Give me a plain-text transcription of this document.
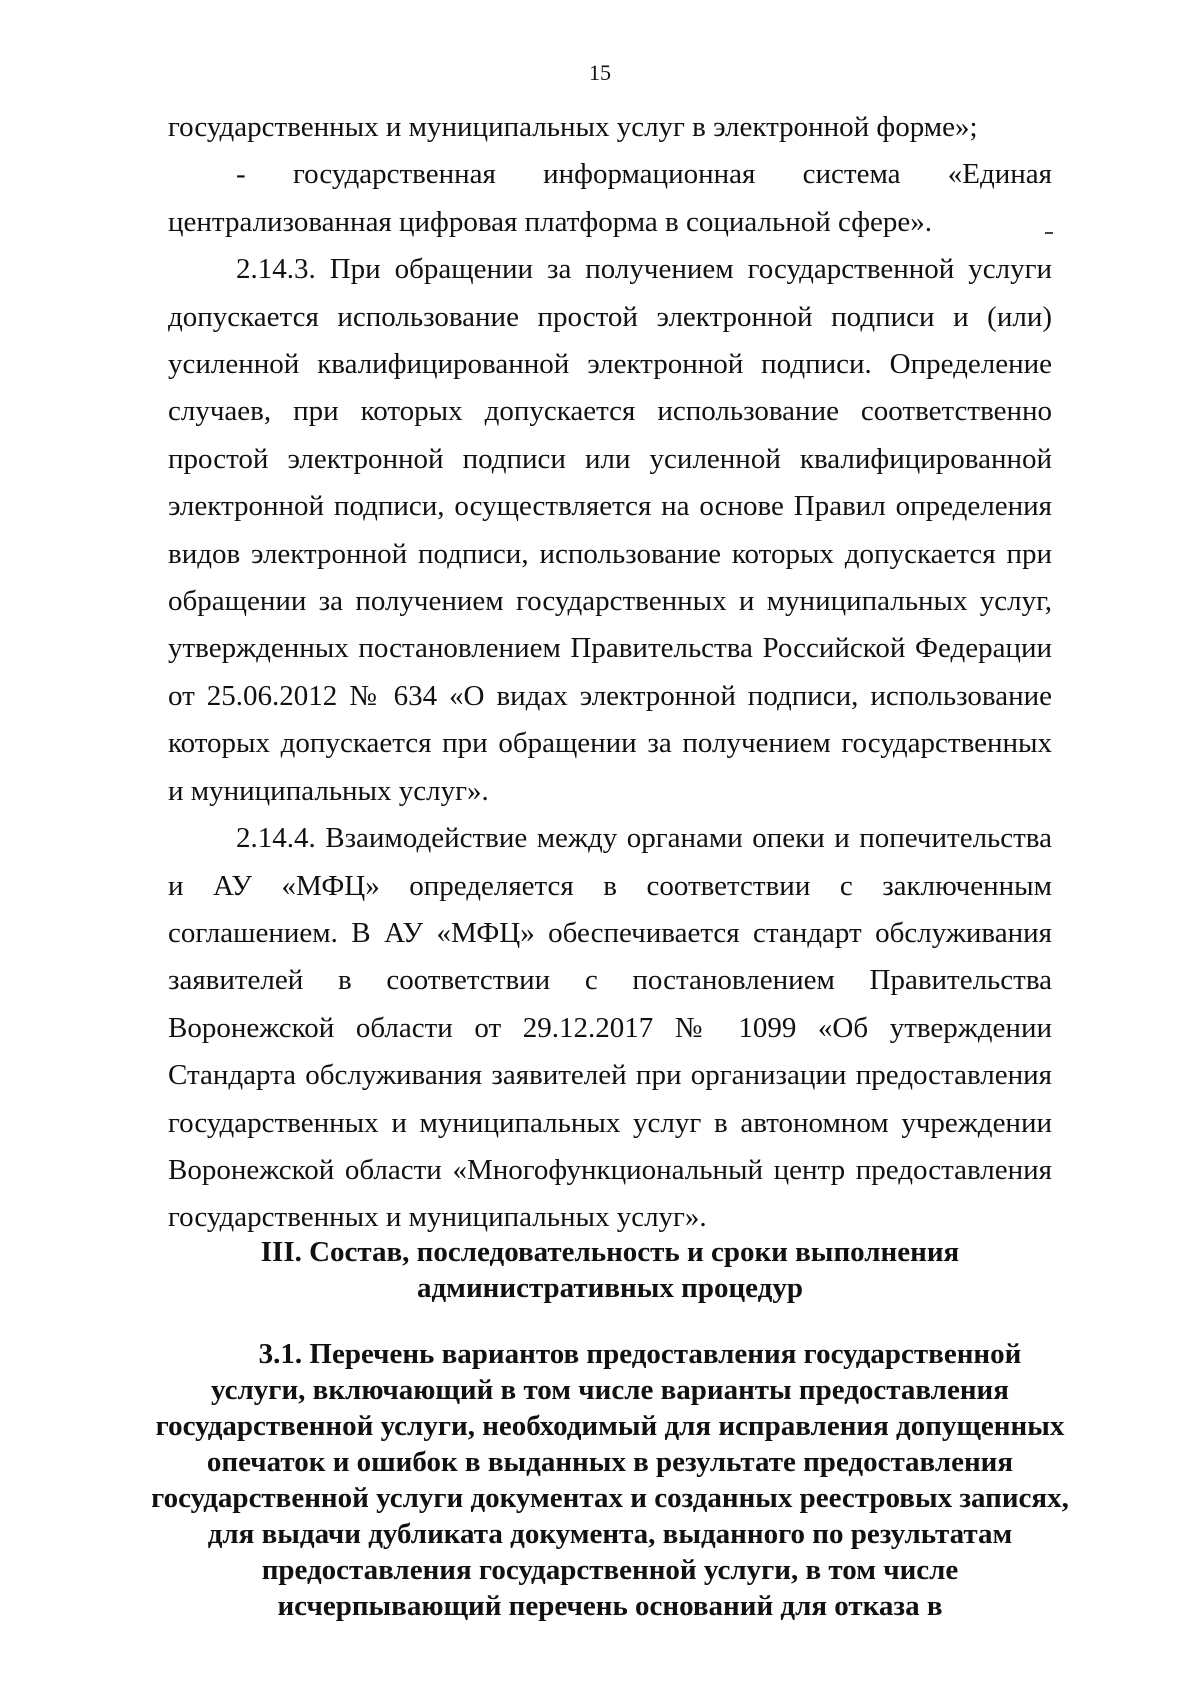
15

государственных и муниципальных услуг в электронной форме»;

- государственная информационная система «Единая централизованная цифровая платформа в социальной сфере».

2.14.3. При обращении за получением государственной услуги допускается использование простой электронной подписи и (или) усиленной квалифицированной электронной подписи. Определение случаев, при которых допускается использование соответственно простой электронной подписи или усиленной квалифицированной электронной подписи, осуществляется на основе Правил определения видов электронной подписи, использование которых допускается при обращении за получением государственных и муниципальных услуг, утвержденных постановлением Правительства Российской Федерации от 25.06.2012 № 634 «О видах электронной подписи, использование которых допускается при обращении за получением государственных и муниципальных услуг».

2.14.4. Взаимодействие между органами опеки и попечительства и АУ «МФЦ» определяется в соответствии с заключенным соглашением. В АУ «МФЦ» обеспечивается стандарт обслуживания заявителей в соответствии с постановлением Правительства Воронежской области от 29.12.2017 № 1099 «Об утверждении Стандарта обслуживания заявителей при организации предоставления государственных и муниципальных услуг в автономном учреждении Воронежской области «Многофункциональный центр предоставления государственных и муниципальных услуг».

III. Состав, последовательность и сроки выполнения административных процедур
3.1. Перечень вариантов предоставления государственной услуги, включающий в том числе варианты предоставления государственной услуги, необходимый для исправления допущенных опечаток и ошибок в выданных в результате предоставления государственной услуги документах и созданных реестровых записях, для выдачи дубликата документа, выданного по результатам предоставления государственной услуги, в том числе исчерпывающий перечень оснований для отказа в
